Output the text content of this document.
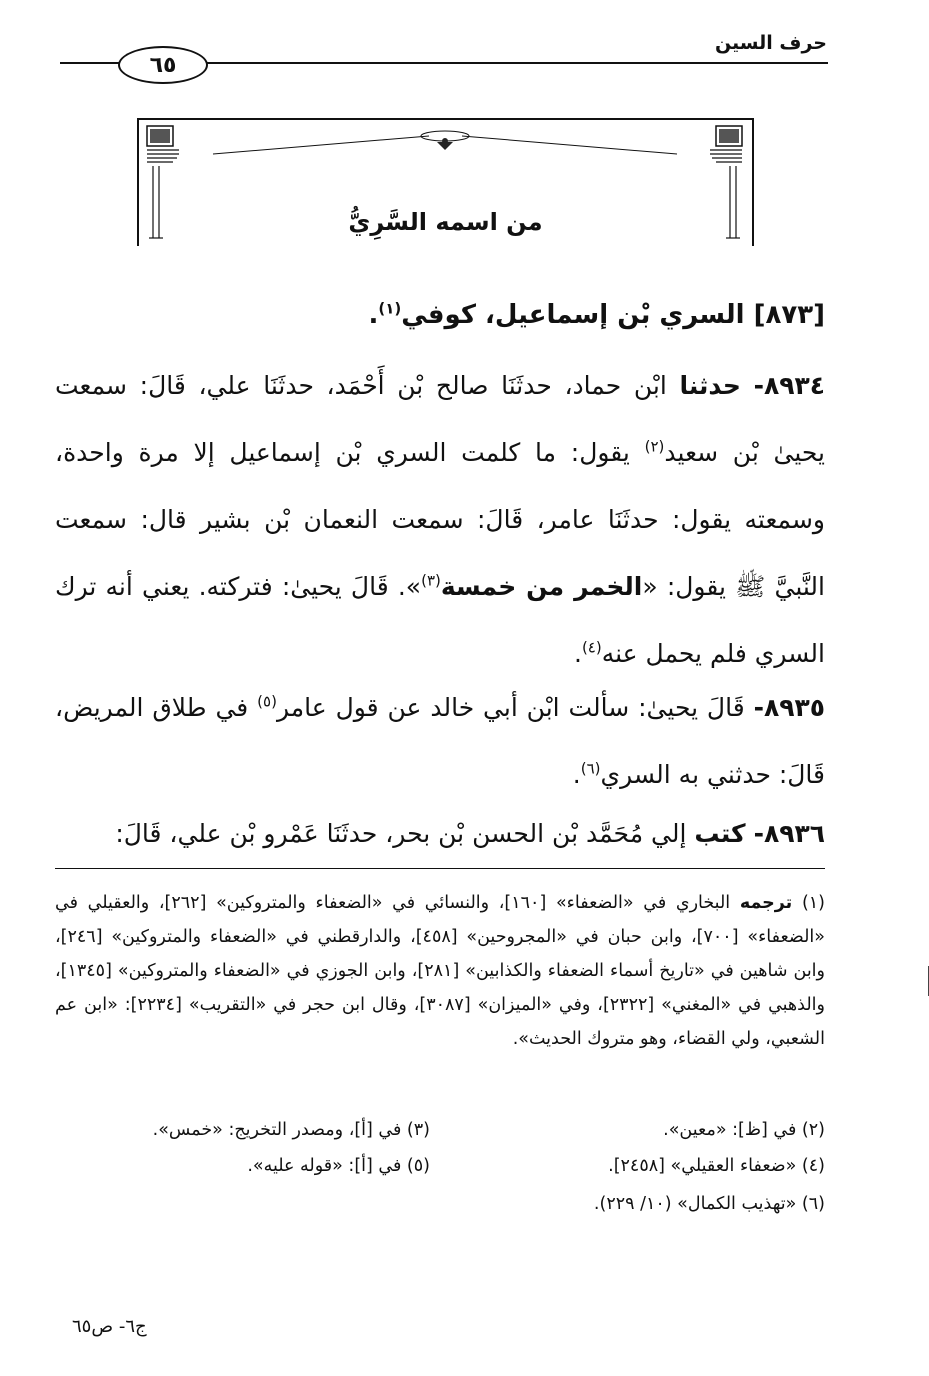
حرف السين
٦٥
من اسمه السَّرِيُّ
[٨٧٣] السري بْن إسماعيل، كوفي$^{(١)}$.
٨٩٣٤- حدثنا ابْن حماد، حدثَنَا صالح بْن أَحْمَد، حدثَنَا علي، قَالَ: سمعت يحيىٰ بْن سعيد$^{(٢)}$ يقول: ما كلمت السري بْن إسماعيل إلا مرة واحدة، وسمعته يقول: حدثَنَا عامر، قَالَ: سمعت النعمان بْن بشير قال: سمعت النَّبيَّ ﷺ يقول: «الخمر من خمسة$^{(٣)}$». قَالَ يحيىٰ: فتركته. يعني أنه ترك السري فلم يحمل عنه$^{(٤)}$.
٨٩٣٥- قَالَ يحيىٰ: سألت ابْن أبي خالد عن قول عامر$^{(٥)}$ في طلاق المريض، قَالَ: حدثني به السري$^{(٦)}$.
٨٩٣٦- كتب إلي مُحَمَّد بْن الحسن بْن بحر، حدثَنَا عَمْرو بْن علي، قَالَ:
(١) ترجمه البخاري في «الضعفاء» [١٦٠]، والنسائي في «الضعفاء والمتروكين» [٢٦٢]، والعقيلي في «الضعفاء» [٧٠٠]، وابن حبان في «المجروحين» [٤٥٨]، والدارقطني في «الضعفاء والمتروكين» [٢٤٦]، وابن شاهين في «تاريخ أسماء الضعفاء والكذابين» [٢٨١]، وابن الجوزي في «الضعفاء والمتروكين» [١٣٤٥]، والذهبي في «المغني» [٢٣٢٢]، وفي «الميزان» [٣٠٨٧]، وقال ابن حجر في «التقريب» [٢٢٣٤]: «ابن عم الشعبي، ولي القضاء، وهو متروك الحديث».
(٢) في [ظ]: «معين».
(٣) في [أ]، ومصدر التخريج: «خمس».
(٤) «ضعفاء العقيلي» [٢٤٥٨].
(٥) في [أ]: «قوله عليه».
(٦) «تهذيب الكمال» (١٠/ ٢٢٩).
ج٦- ص٦٥
